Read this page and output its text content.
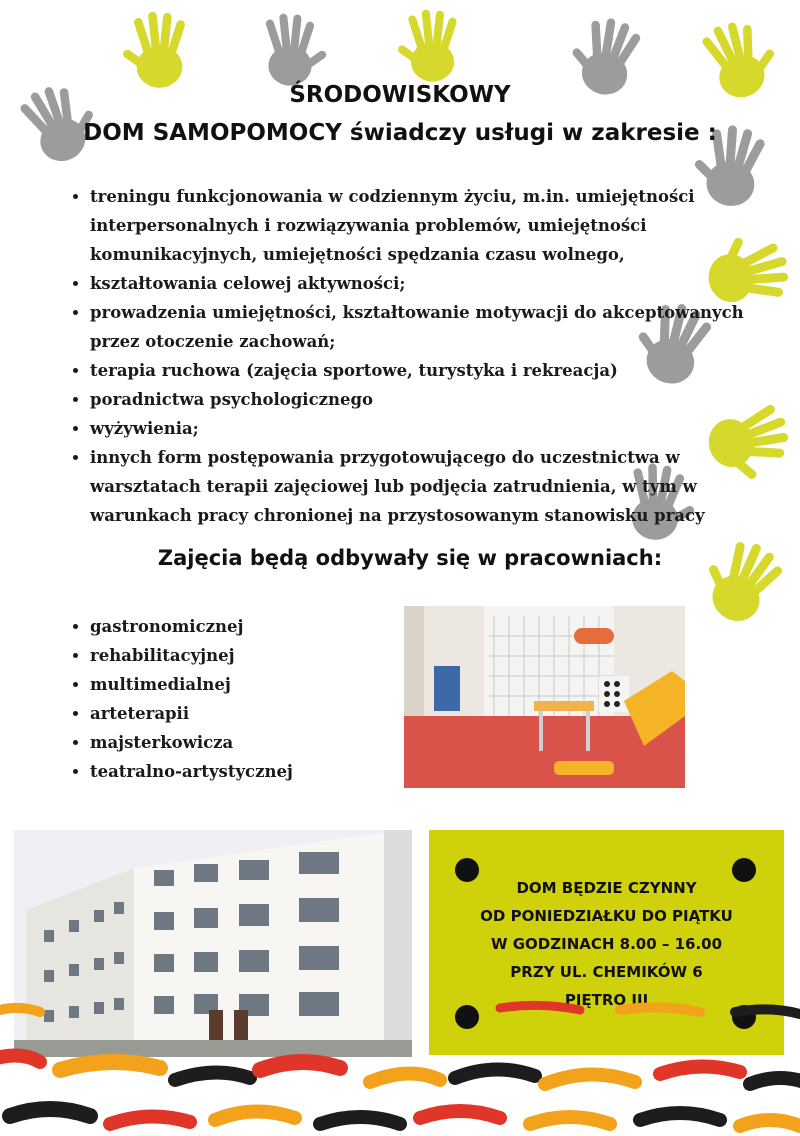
ŚRODOWISKOWY
DOM SAMOPOMOCY świadczy usługi w zakresie :
• treningu funkcjonowania w codziennym życiu, m.in. umiejętności interpersonalnych i rozwiązywania problemów, umiejętności komunikacyjnych, umiejętności spędzania czasu wolnego,
• kształtowania celowej aktywności;
• prowadzenia umiejętności, kształtowanie motywacji do akceptowanych przez otoczenie zachowań;
• terapia ruchowa (zajęcia sportowe, turystyka i rekreacja)
• poradnictwa psychologicznego
• wyżywienia;
• innych form postępowania przygotowującego do uczestnictwa w warsztatach terapii zajęciowej lub podjęcia zatrudnienia, w tym w warunkach pracy chronionej na przystosowanym stanowisku pracy
Zajęcia będą odbywały się w pracowniach:
• gastronomicznej
• rehabilitacyjnej
• multimedialnej
• arteterapii
• majsterkowicza
• teatralno-artystycznej
DOM BĘDZIE CZYNNY
OD PONIEDZIAŁKU DO PIĄTKU
W GODZINACH 8.00 – 16.00
PRZY UL. CHEMIKÓW 6
PIĘTRO III
